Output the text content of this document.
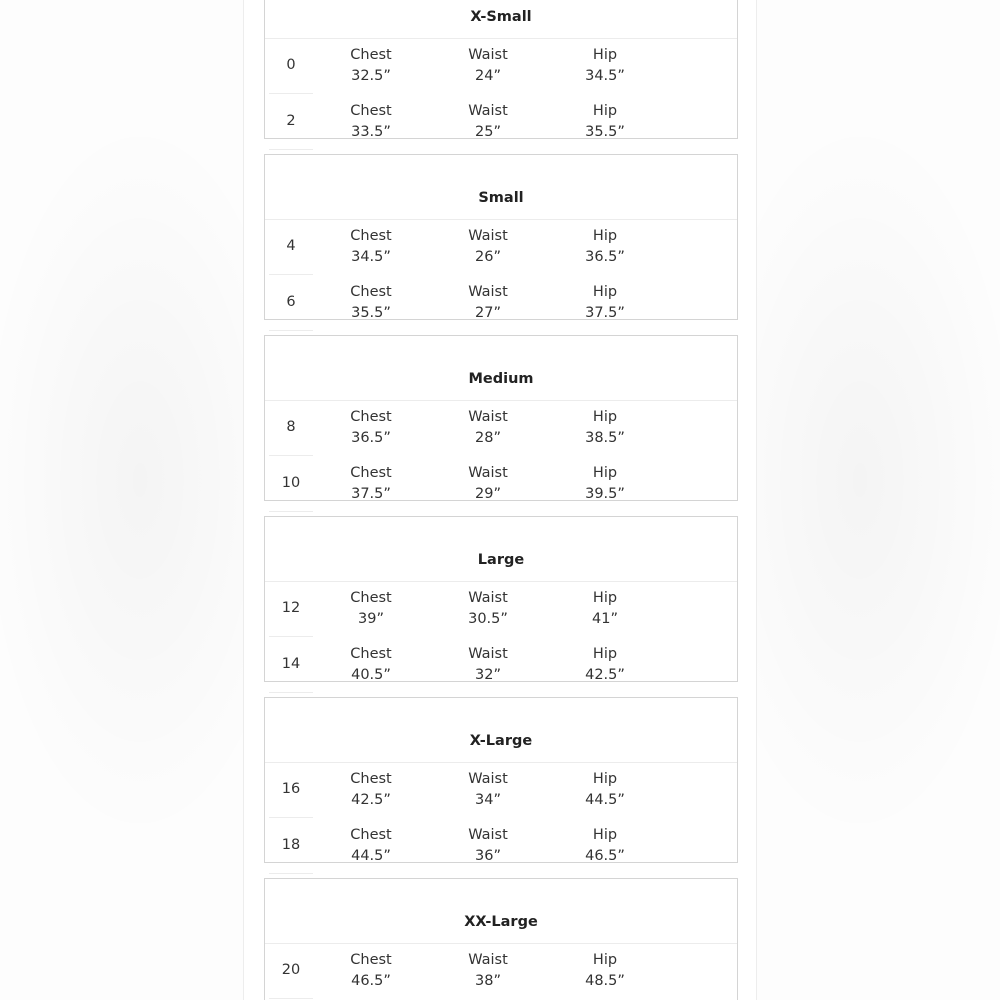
X-Small
0
Chest
32.5”
Waist
24”
Hip
34.5”
2
Chest
33.5”
Waist
25”
Hip
35.5”
Small
4
Chest
34.5”
Waist
26”
Hip
36.5”
6
Chest
35.5”
Waist
27”
Hip
37.5”
Medium
8
Chest
36.5”
Waist
28”
Hip
38.5”
10
Chest
37.5”
Waist
29”
Hip
39.5”
Large
12
Chest
39”
Waist
30.5”
Hip
41”
14
Chest
40.5”
Waist
32”
Hip
42.5”
X-Large
16
Chest
42.5”
Waist
34”
Hip
44.5”
18
Chest
44.5”
Waist
36”
Hip
46.5”
XX-Large
20
Chest
46.5”
Waist
38”
Hip
48.5”
